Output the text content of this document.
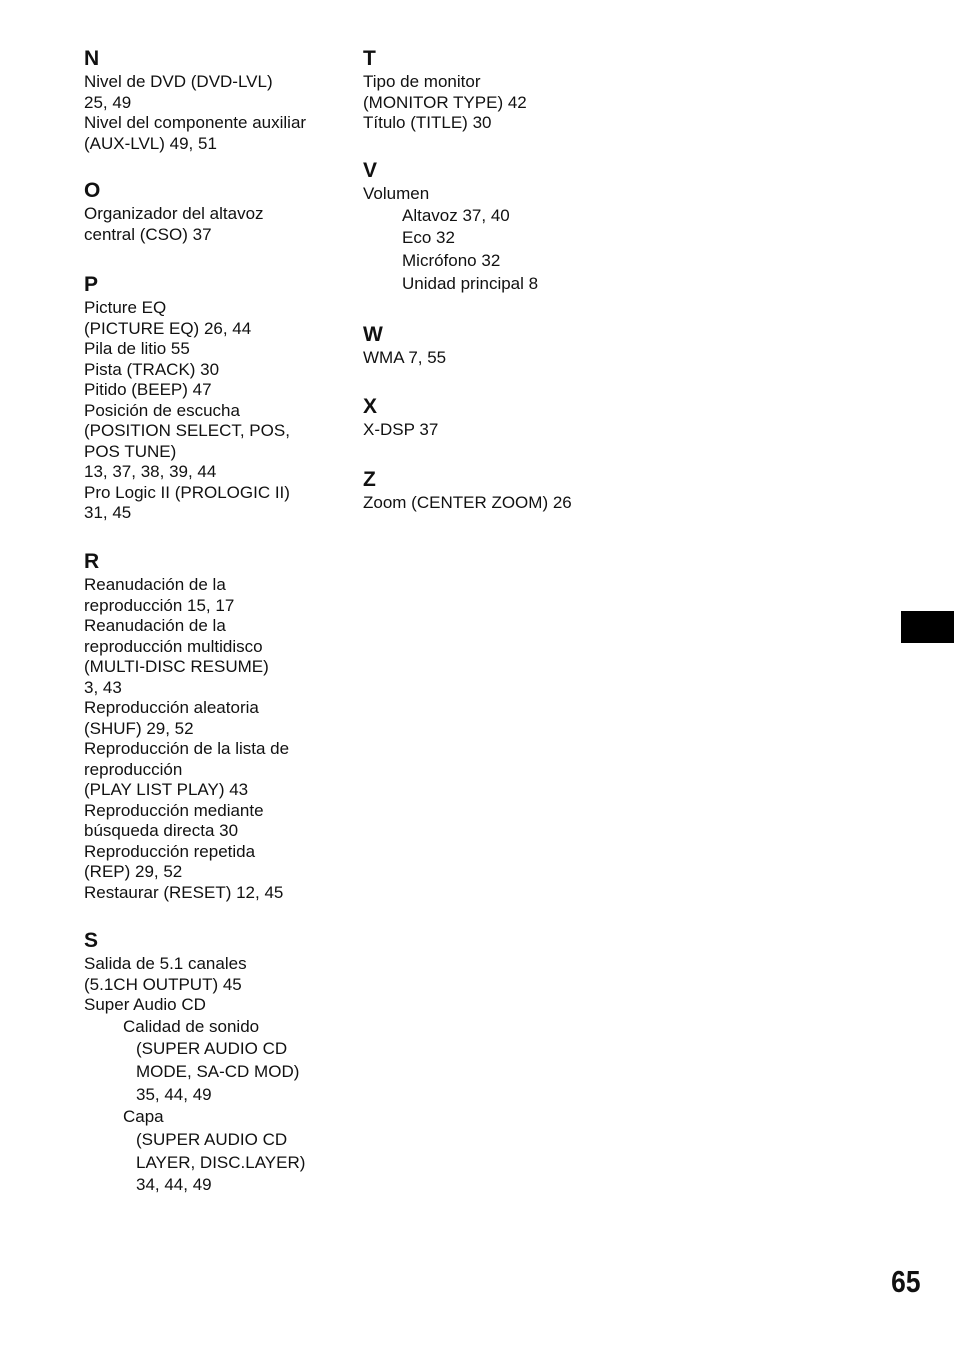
N
Nivel de DVD (DVD-LVL)
25, 49
Nivel del componente auxiliar
(AUX-LVL) 49, 51
O
Organizador del altavoz
central (CSO) 37
P
Picture EQ
(PICTURE EQ) 26, 44
Pila de litio 55
Pista (TRACK) 30
Pitido (BEEP) 47
Posición de escucha
(POSITION SELECT, POS,
POS TUNE)
13, 37, 38, 39, 44
Pro Logic II (PROLOGIC II)
31, 45
R
Reanudación de la
reproducción 15, 17
Reanudación de la
reproducción multidisco
(MULTI-DISC RESUME)
3, 43
Reproducción aleatoria
(SHUF) 29, 52
Reproducción de la lista de
reproducción
(PLAY LIST PLAY) 43
Reproducción mediante
búsqueda directa 30
Reproducción repetida
(REP) 29, 52
Restaurar (RESET) 12, 45
S
Salida de 5.1 canales
(5.1CH OUTPUT) 45
Super Audio CD
Calidad de sonido
(SUPER AUDIO CD
MODE, SA-CD MOD)
35, 44, 49
Capa
(SUPER AUDIO CD
LAYER, DISC.LAYER)
34, 44, 49
T
Tipo de monitor
(MONITOR TYPE) 42
Título (TITLE) 30
V
Volumen
Altavoz 37, 40
Eco 32
Micrófono 32
Unidad principal 8
W
WMA 7, 55
X
X-DSP 37
Z
Zoom (CENTER ZOOM) 26
65
